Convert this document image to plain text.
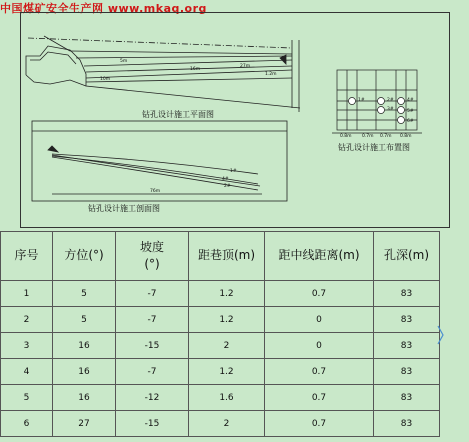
中国煤矿安全生产网 www.mkaq.org
5m
16m
27m
10m
1.2m
钻孔设计施工平面图
1#	2#
3#
4#
5#
6#
0.8m 0.7m 0.7m 0.8m
钻孔设计施工布置图
1#
4#
2#
76m
钻孔设计施工剖面图
序号	方位(°)	坡度
(°)	距巷顶(m)	距中线距离(m)	孔深(m)
1	5	-7	1.2	0.7	83
2	5	-7	1.2	0	83
3	16	-15	2	0	83
4	16	-7	1.2	0.7	83
5	16	-12	1.6	0.7	83
6	27	-15	2	0.7	83
